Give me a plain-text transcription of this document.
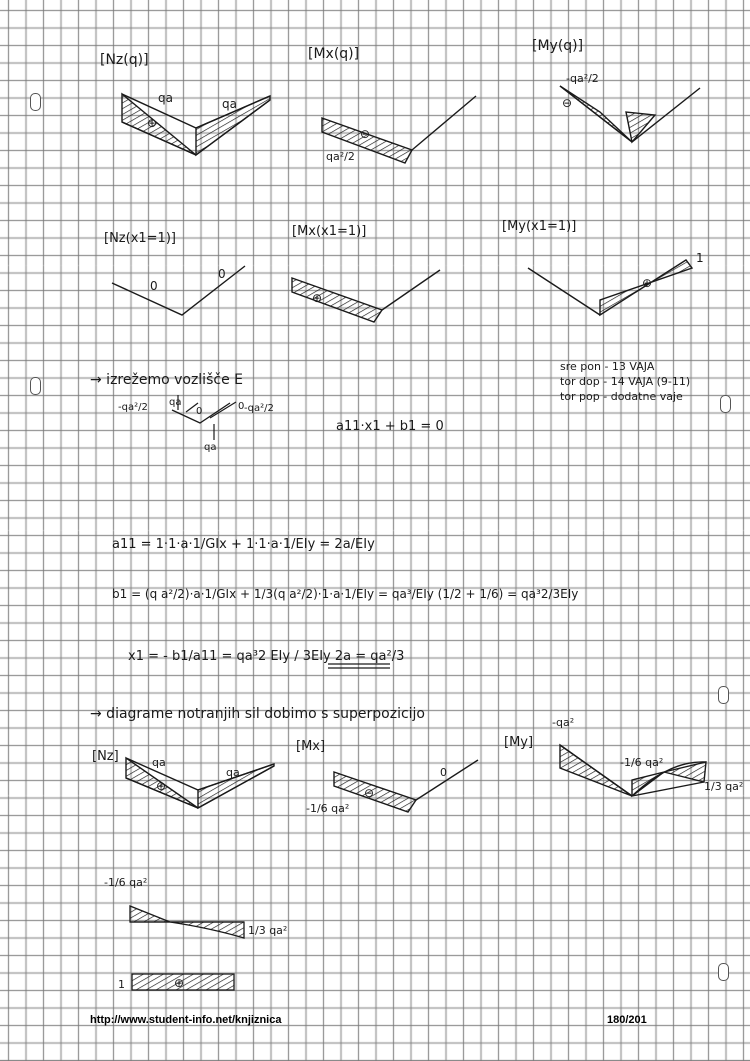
[Nz(q)]
qa	qa
⊕
[Mx(q)]
⊖
qa²/2
[My(q)]
-qa²/2
⊖
[Nz(x1=1)]
0
0
[Mx(x1=1)]
⊕
[My(x1=1)]
1
⊕
→ izrežemo vozlišče E
qa
0	0
-qa²/2	-qa²/2
qa
a11·x1 + b1 = 0
sre pon - 13 VAJA
tor dop - 14 VAJA (9-11)
tor pop - dodatne vaje
a11 = 1·1·a·1/GIx + 1·1·a·1/EIy = 2a/EIy
b1 = (q a²/2)·a·1/GIx + 1/3(q a²/2)·1·a·1/EIy = qa³/EIy (1/2 + 1/6) = qa³2/3EIy
x1 = - b1/a11 = qa³2 EIy / 3EIy 2a = qa²/3
→ diagrame notranjih sil dobimo s superpozicijo
[Nz]	qa
qa
⊕
[Mx]
⊖
-1/6 qa²
0
[My]
-qa²
-1/6 qa²
1/3 qa²
-1/6 qa²
1/3 qa²
⊕
1
http://www.student-info.net/knjiznica	180/201
